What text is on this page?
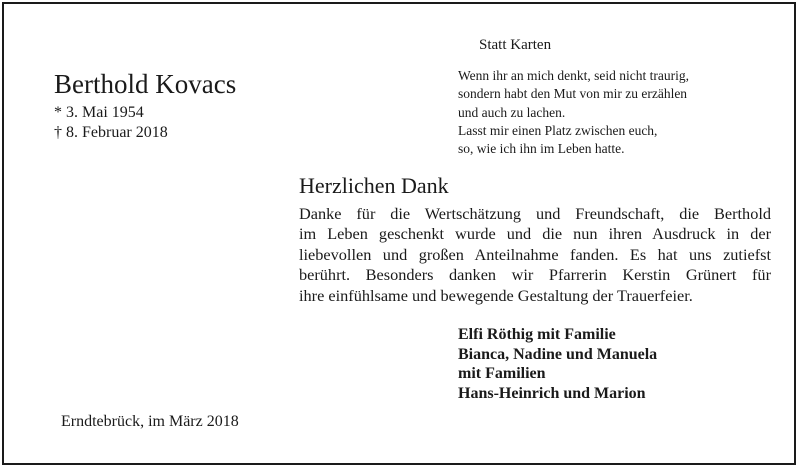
Berthold Kovacs
* 3. Mai 1954
† 8. Februar 2018
Statt Karten
Wenn ihr an mich denkt, seid nicht traurig,
sondern habt den Mut von mir zu erzählen
und auch zu lachen.
Lasst mir einen Platz zwischen euch,
so, wie ich ihn im Leben hatte.
Herzlichen Dank
Danke für die Wertschätzung und Freundschaft, die Berthold
im Leben geschenkt wurde und die nun ihren Ausdruck in der
liebevollen und großen Anteilnahme fanden. Es hat uns zutiefst
berührt. Besonders danken wir Pfarrerin Kerstin Grünert für
ihre einfühlsame und bewegende Gestaltung der Trauerfeier.
Elfi Röthig mit Familie
Bianca, Nadine und Manuela
mit Familien
Hans-Heinrich und Marion
Erndtebrück, im März 2018
